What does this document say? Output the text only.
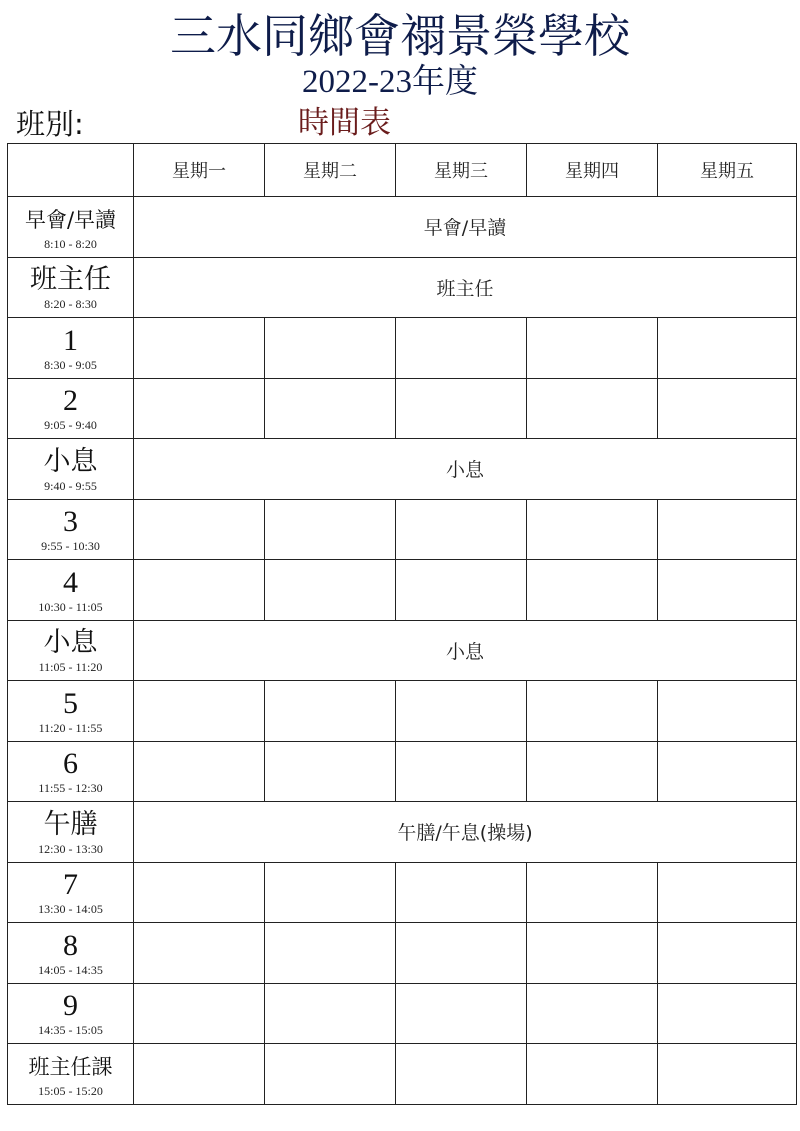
三水同鄉會禤景榮學校
2022-23年度
班別:	時間表
	星期一	星期二	星期三	星期四	星期五

早會/早讀
8:10 - 8:20	早會/早讀				

班主任
8:20 - 8:30	班主任				

1
8:30 - 9:05					

2
9:05 - 9:40					

小息
9:40 - 9:55	小息				

3
9:55 - 10:30					

4
10:30 - 11:05					

小息
11:05 - 11:20	小息				

5
11:20 - 11:55					

6
11:55 - 12:30					

午膳
12:30 - 13:30	午膳/午息(操場)				

7
13:30 - 14:05					

8
14:05 - 14:35					

9
14:35 - 15:05					

班主任課
15:05 - 15:20					
